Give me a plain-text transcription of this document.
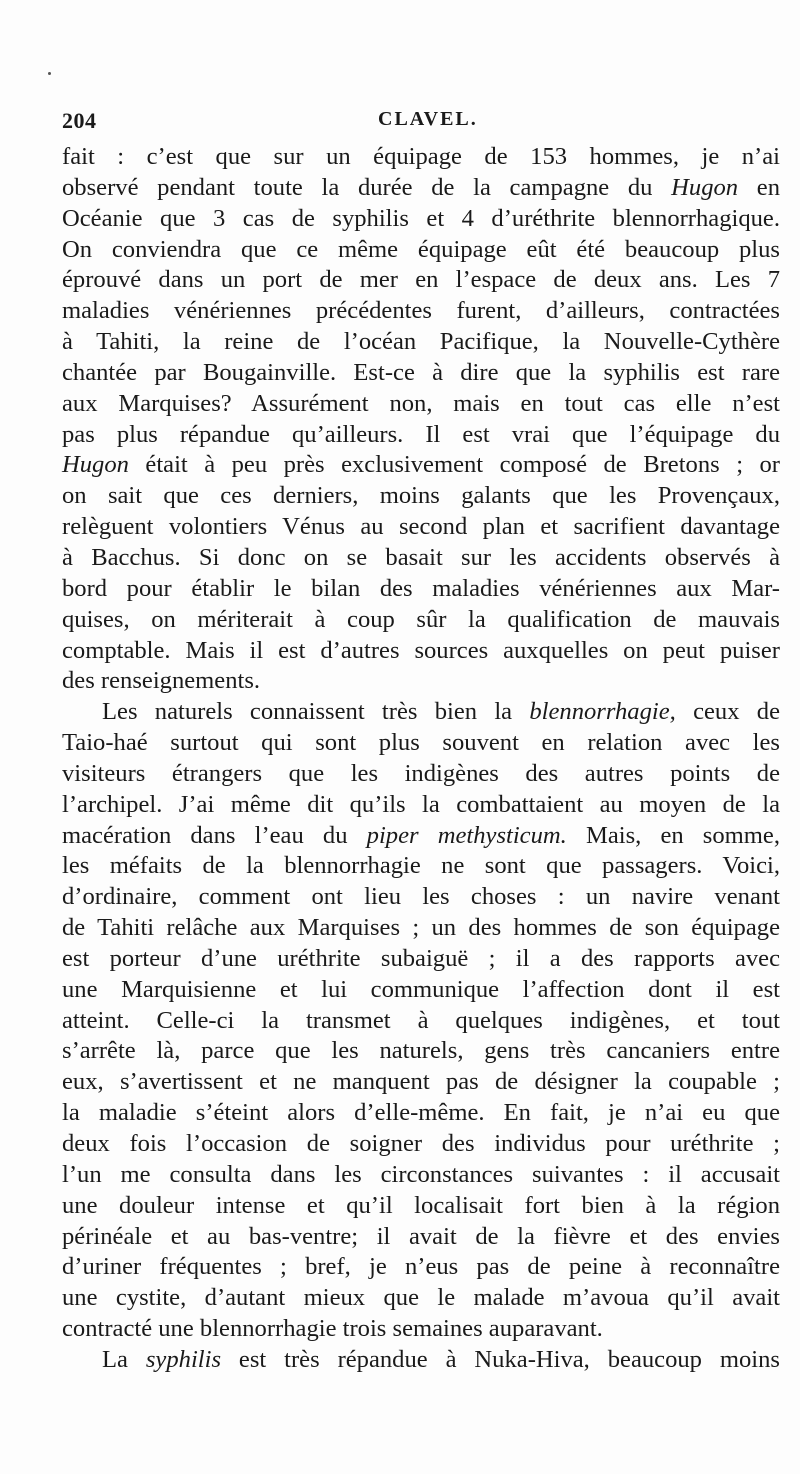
204	CLAVEL.
fait : c’est que sur un équipage de 153 hommes, je n’ai
observé pendant toute la durée de la campagne du Hugon en
Océanie que 3 cas de syphilis et 4 d’uréthrite blennorrhagique.
On conviendra que ce même équipage eût été beaucoup plus
éprouvé dans un port de mer en l’espace de deux ans. Les 7
maladies vénériennes précédentes furent, d’ailleurs, contractées
à Tahiti, la reine de l’océan Pacifique, la Nouvelle-Cythère
chantée par Bougainville. Est-ce à dire que la syphilis est rare
aux Marquises? Assurément non, mais en tout cas elle n’est
pas plus répandue qu’ailleurs. Il est vrai que l’équipage du
Hugon était à peu près exclusivement composé de Bretons ; or
on sait que ces derniers, moins galants que les Provençaux,
relèguent volontiers Vénus au second plan et sacrifient davantage
à Bacchus. Si donc on se basait sur les accidents observés à
bord pour établir le bilan des maladies vénériennes aux Mar-
quises, on mériterait à coup sûr la qualification de mauvais
comptable. Mais il est d’autres sources auxquelles on peut puiser
des renseignements.
Les naturels connaissent très bien la blennorrhagie, ceux de
Taio-haé surtout qui sont plus souvent en relation avec les
visiteurs étrangers que les indigènes des autres points de
l’archipel. J’ai même dit qu’ils la combattaient au moyen de la
macération dans l’eau du piper methysticum. Mais, en somme,
les méfaits de la blennorrhagie ne sont que passagers. Voici,
d’ordinaire, comment ont lieu les choses : un navire venant
de Tahiti relâche aux Marquises ; un des hommes de son équipage
est porteur d’une uréthrite subaiguë ; il a des rapports avec
une Marquisienne et lui communique l’affection dont il est
atteint. Celle-ci la transmet à quelques indigènes, et tout
s’arrête là, parce que les naturels, gens très cancaniers entre
eux, s’avertissent et ne manquent pas de désigner la coupable ;
la maladie s’éteint alors d’elle-même. En fait, je n’ai eu que
deux fois l’occasion de soigner des individus pour uréthrite ;
l’un me consulta dans les circonstances suivantes : il accusait
une douleur intense et qu’il localisait fort bien à la région
périnéale et au bas-ventre; il avait de la fièvre et des envies
d’uriner fréquentes ; bref, je n’eus pas de peine à reconnaître
une cystite, d’autant mieux que le malade m’avoua qu’il avait
contracté une blennorrhagie trois semaines auparavant.
La syphilis est très répandue à Nuka-Hiva, beaucoup moins
